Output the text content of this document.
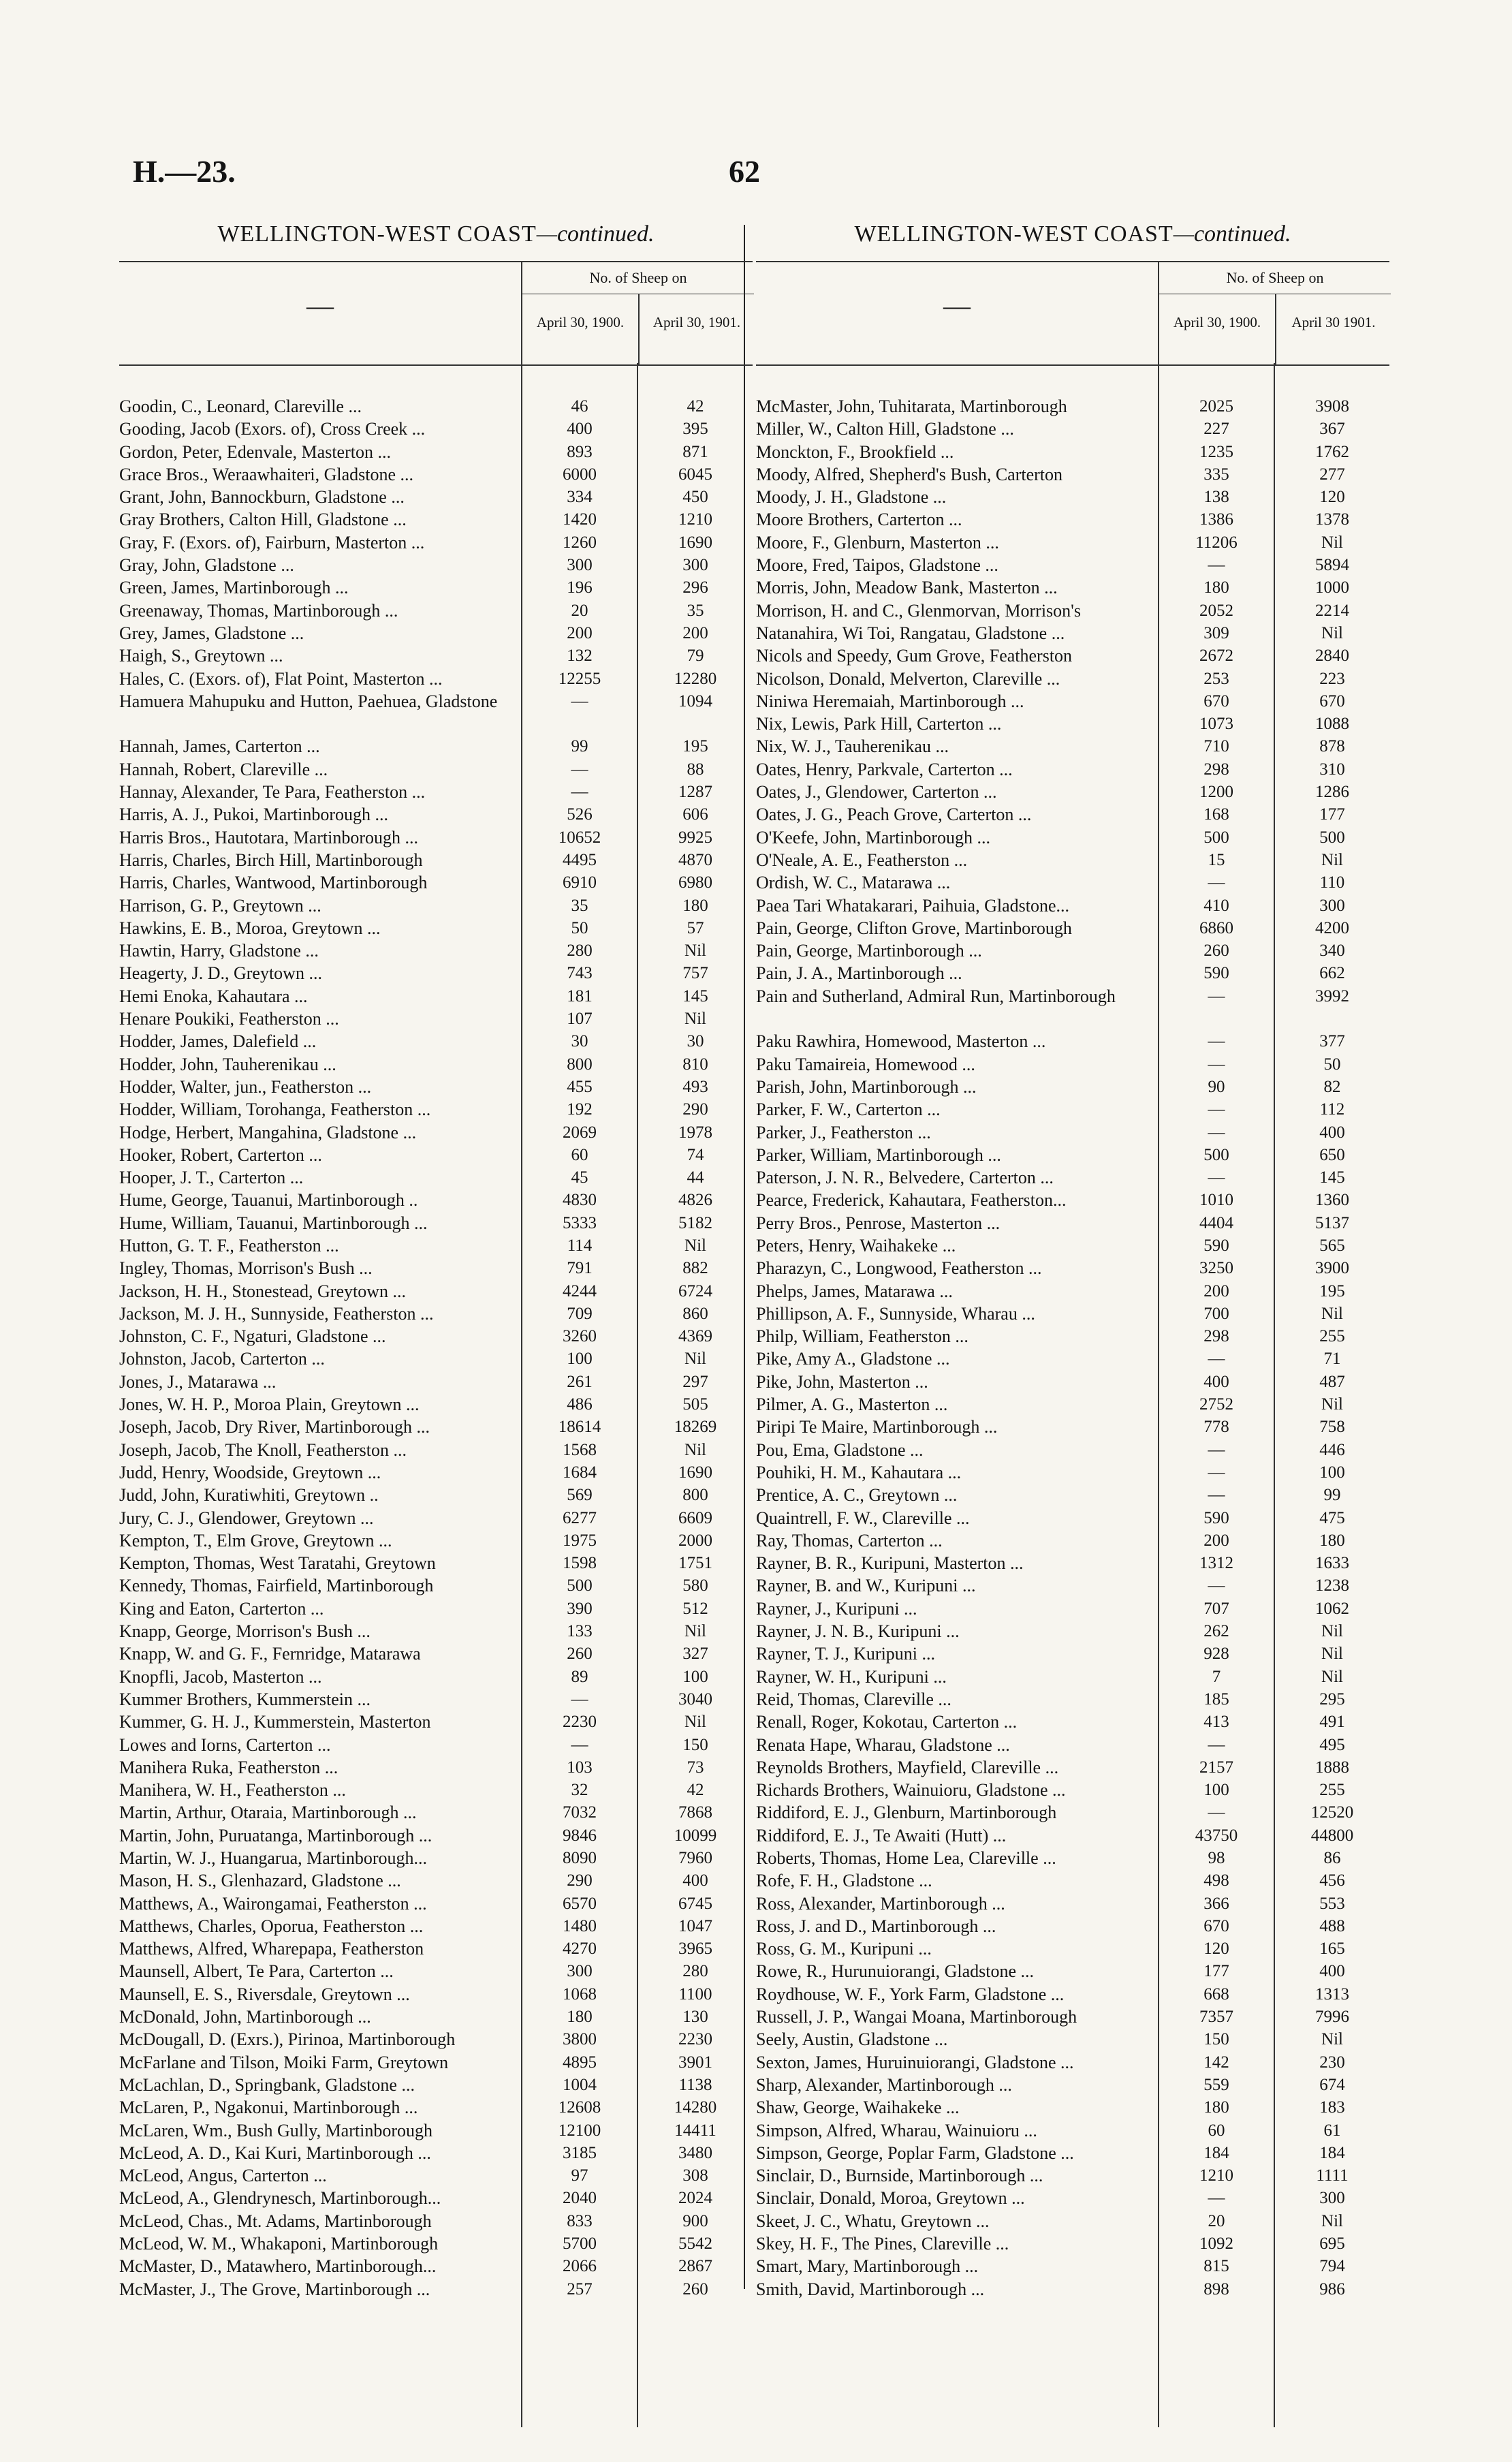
H.—23.	62
WELLINGTON-WEST COAST—continued.
—
No. of Sheep on
April 30, 1900.	April 30, 1901.
Goodin, C., Leonard, Clareville ...	46	42
Gooding, Jacob (Exors. of), Cross Creek ...	400	395
Gordon, Peter, Edenvale, Masterton ...	893	871
Grace Bros., Weraawhaiteri, Gladstone ...	6000	6045
Grant, John, Bannockburn, Gladstone ...	334	450
Gray Brothers, Calton Hill, Gladstone ...	1420	1210
Gray, F. (Exors. of), Fairburn, Masterton ...	1260	1690
Gray, John, Gladstone ...	300	300
Green, James, Martinborough ...	196	296
Greenaway, Thomas, Martinborough ...	20	35
Grey, James, Gladstone ...	200	200
Haigh, S., Greytown ...	132	79
Hales, C. (Exors. of), Flat Point, Masterton ...	12255	12280
Hamuera Mahupuku and Hutton, Paehuea, Gladstone	—	1094
Hannah, James, Carterton ...	99	195
Hannah, Robert, Clareville ...	—	88
Hannay, Alexander, Te Para, Featherston ...	—	1287
Harris, A. J., Pukoi, Martinborough ...	526	606
Harris Bros., Hautotara, Martinborough ...	10652	9925
Harris, Charles, Birch Hill, Martinborough	4495	4870
Harris, Charles, Wantwood, Martinborough	6910	6980
Harrison, G. P., Greytown ...	35	180
Hawkins, E. B., Moroa, Greytown ...	50	57
Hawtin, Harry, Gladstone ...	280	Nil
Heagerty, J. D., Greytown ...	743	757
Hemi Enoka, Kahautara ...	181	145
Henare Poukiki, Featherston ...	107	Nil
Hodder, James, Dalefield ...	30	30
Hodder, John, Tauherenikau ...	800	810
Hodder, Walter, jun., Featherston ...	455	493
Hodder, William, Torohanga, Featherston ...	192	290
Hodge, Herbert, Mangahina, Gladstone ...	2069	1978
Hooker, Robert, Carterton ...	60	74
Hooper, J. T., Carterton ...	45	44
Hume, George, Tauanui, Martinborough ..	4830	4826
Hume, William, Tauanui, Martinborough ...	5333	5182
Hutton, G. T. F., Featherston ...	114	Nil
Ingley, Thomas, Morrison's Bush ...	791	882
Jackson, H. H., Stonestead, Greytown ...	4244	6724
Jackson, M. J. H., Sunnyside, Featherston ...	709	860
Johnston, C. F., Ngaturi, Gladstone ...	3260	4369
Johnston, Jacob, Carterton ...	100	Nil
Jones, J., Matarawa ...	261	297
Jones, W. H. P., Moroa Plain, Greytown ...	486	505
Joseph, Jacob, Dry River, Martinborough ...	18614	18269
Joseph, Jacob, The Knoll, Featherston ...	1568	Nil
Judd, Henry, Woodside, Greytown ...	1684	1690
Judd, John, Kuratiwhiti, Greytown ..	569	800
Jury, C. J., Glendower, Greytown ...	6277	6609
Kempton, T., Elm Grove, Greytown ...	1975	2000
Kempton, Thomas, West Taratahi, Greytown	1598	1751
Kennedy, Thomas, Fairfield, Martinborough	500	580
King and Eaton, Carterton ...	390	512
Knapp, George, Morrison's Bush ...	133	Nil
Knapp, W. and G. F., Fernridge, Matarawa	260	327
Knopfli, Jacob, Masterton ...	89	100
Kummer Brothers, Kummerstein ...	—	3040
Kummer, G. H. J., Kummerstein, Masterton	2230	Nil
Lowes and Iorns, Carterton ...	—	150
Manihera Ruka, Featherston ...	103	73
Manihera, W. H., Featherston ...	32	42
Martin, Arthur, Otaraia, Martinborough ...	7032	7868
Martin, John, Puruatanga, Martinborough ...	9846	10099
Martin, W. J., Huangarua, Martinborough...	8090	7960
Mason, H. S., Glenhazard, Gladstone ...	290	400
Matthews, A., Wairongamai, Featherston ...	6570	6745
Matthews, Charles, Oporua, Featherston ...	1480	1047
Matthews, Alfred, Wharepapa, Featherston	4270	3965
Maunsell, Albert, Te Para, Carterton ...	300	280
Maunsell, E. S., Riversdale, Greytown ...	1068	1100
McDonald, John, Martinborough ...	180	130
McDougall, D. (Exrs.), Pirinoa, Martinborough	3800	2230
McFarlane and Tilson, Moiki Farm, Greytown	4895	3901
McLachlan, D., Springbank, Gladstone ...	1004	1138
McLaren, P., Ngakonui, Martinborough ...	12608	14280
McLaren, Wm., Bush Gully, Martinborough	12100	14411
McLeod, A. D., Kai Kuri, Martinborough ...	3185	3480
McLeod, Angus, Carterton ...	97	308
McLeod, A., Glendrynesch, Martinborough...	2040	2024
McLeod, Chas., Mt. Adams, Martinborough	833	900
McLeod, W. M., Whakaponi, Martinborough	5700	5542
McMaster, D., Matawhero, Martinborough...	2066	2867
McMaster, J., The Grove, Martinborough ...	257	260
WELLINGTON-WEST COAST—continued.
—
No. of Sheep on
April 30, 1900.	April 30 1901.
McMaster, John, Tuhitarata, Martinborough	2025	3908
Miller, W., Calton Hill, Gladstone ...	227	367
Monckton, F., Brookfield ...	1235	1762
Moody, Alfred, Shepherd's Bush, Carterton	335	277
Moody, J. H., Gladstone ...	138	120
Moore Brothers, Carterton ...	1386	1378
Moore, F., Glenburn, Masterton ...	11206	Nil
Moore, Fred, Taipos, Gladstone ...	—	5894
Morris, John, Meadow Bank, Masterton ...	180	1000
Morrison, H. and C., Glenmorvan, Morrison's	2052	2214
Natanahira, Wi Toi, Rangatau, Gladstone ...	309	Nil
Nicols and Speedy, Gum Grove, Featherston	2672	2840
Nicolson, Donald, Melverton, Clareville ...	253	223
Niniwa Heremaiah, Martinborough ...	670	670
Nix, Lewis, Park Hill, Carterton ...	1073	1088
Nix, W. J., Tauherenikau ...	710	878
Oates, Henry, Parkvale, Carterton ...	298	310
Oates, J., Glendower, Carterton ...	1200	1286
Oates, J. G., Peach Grove, Carterton ...	168	177
O'Keefe, John, Martinborough ...	500	500
O'Neale, A. E., Featherston ...	15	Nil
Ordish, W. C., Matarawa ...	—	110
Paea Tari Whatakarari, Paihuia, Gladstone...	410	300
Pain, George, Clifton Grove, Martinborough	6860	4200
Pain, George, Martinborough ...	260	340
Pain, J. A., Martinborough ...	590	662
Pain and Sutherland, Admiral Run, Martinborough	—	3992
Paku Rawhira, Homewood, Masterton ...	—	377
Paku Tamaireia, Homewood ...	—	50
Parish, John, Martinborough ...	90	82
Parker, F. W., Carterton ...	—	112
Parker, J., Featherston ...	—	400
Parker, William, Martinborough ...	500	650
Paterson, J. N. R., Belvedere, Carterton ...	—	145
Pearce, Frederick, Kahautara, Featherston...	1010	1360
Perry Bros., Penrose, Masterton ...	4404	5137
Peters, Henry, Waihakeke ...	590	565
Pharazyn, C., Longwood, Featherston ...	3250	3900
Phelps, James, Matarawa ...	200	195
Phillipson, A. F., Sunnyside, Wharau ...	700	Nil
Philp, William, Featherston ...	298	255
Pike, Amy A., Gladstone ...	—	71
Pike, John, Masterton ...	400	487
Pilmer, A. G., Masterton ...	2752	Nil
Piripi Te Maire, Martinborough ...	778	758
Pou, Ema, Gladstone ...	—	446
Pouhiki, H. M., Kahautara ...	—	100
Prentice, A. C., Greytown ...	—	99
Quaintrell, F. W., Clareville ...	590	475
Ray, Thomas, Carterton ...	200	180
Rayner, B. R., Kuripuni, Masterton ...	1312	1633
Rayner, B. and W., Kuripuni ...	—	1238
Rayner, J., Kuripuni ...	707	1062
Rayner, J. N. B., Kuripuni ...	262	Nil
Rayner, T. J., Kuripuni ...	928	Nil
Rayner, W. H., Kuripuni ...	7	Nil
Reid, Thomas, Clareville ...	185	295
Renall, Roger, Kokotau, Carterton ...	413	491
Renata Hape, Wharau, Gladstone ...	—	495
Reynolds Brothers, Mayfield, Clareville ...	2157	1888
Richards Brothers, Wainuioru, Gladstone ...	100	255
Riddiford, E. J., Glenburn, Martinborough	—	12520
Riddiford, E. J., Te Awaiti (Hutt) ...	43750	44800
Roberts, Thomas, Home Lea, Clareville ...	98	86
Rofe, F. H., Gladstone ...	498	456
Ross, Alexander, Martinborough ...	366	553
Ross, J. and D., Martinborough ...	670	488
Ross, G. M., Kuripuni ...	120	165
Rowe, R., Hurunuiorangi, Gladstone ...	177	400
Roydhouse, W. F., York Farm, Gladstone ...	668	1313
Russell, J. P., Wangai Moana, Martinborough	7357	7996
Seely, Austin, Gladstone ...	150	Nil
Sexton, James, Huruinuiorangi, Gladstone ...	142	230
Sharp, Alexander, Martinborough ...	559	674
Shaw, George, Waihakeke ...	180	183
Simpson, Alfred, Wharau, Wainuioru ...	60	61
Simpson, George, Poplar Farm, Gladstone ...	184	184
Sinclair, D., Burnside, Martinborough ...	1210	1111
Sinclair, Donald, Moroa, Greytown ...	—	300
Skeet, J. C., Whatu, Greytown ...	20	Nil
Skey, H. F., The Pines, Clareville ...	1092	695
Smart, Mary, Martinborough ...	815	794
Smith, David, Martinborough ...	898	986
